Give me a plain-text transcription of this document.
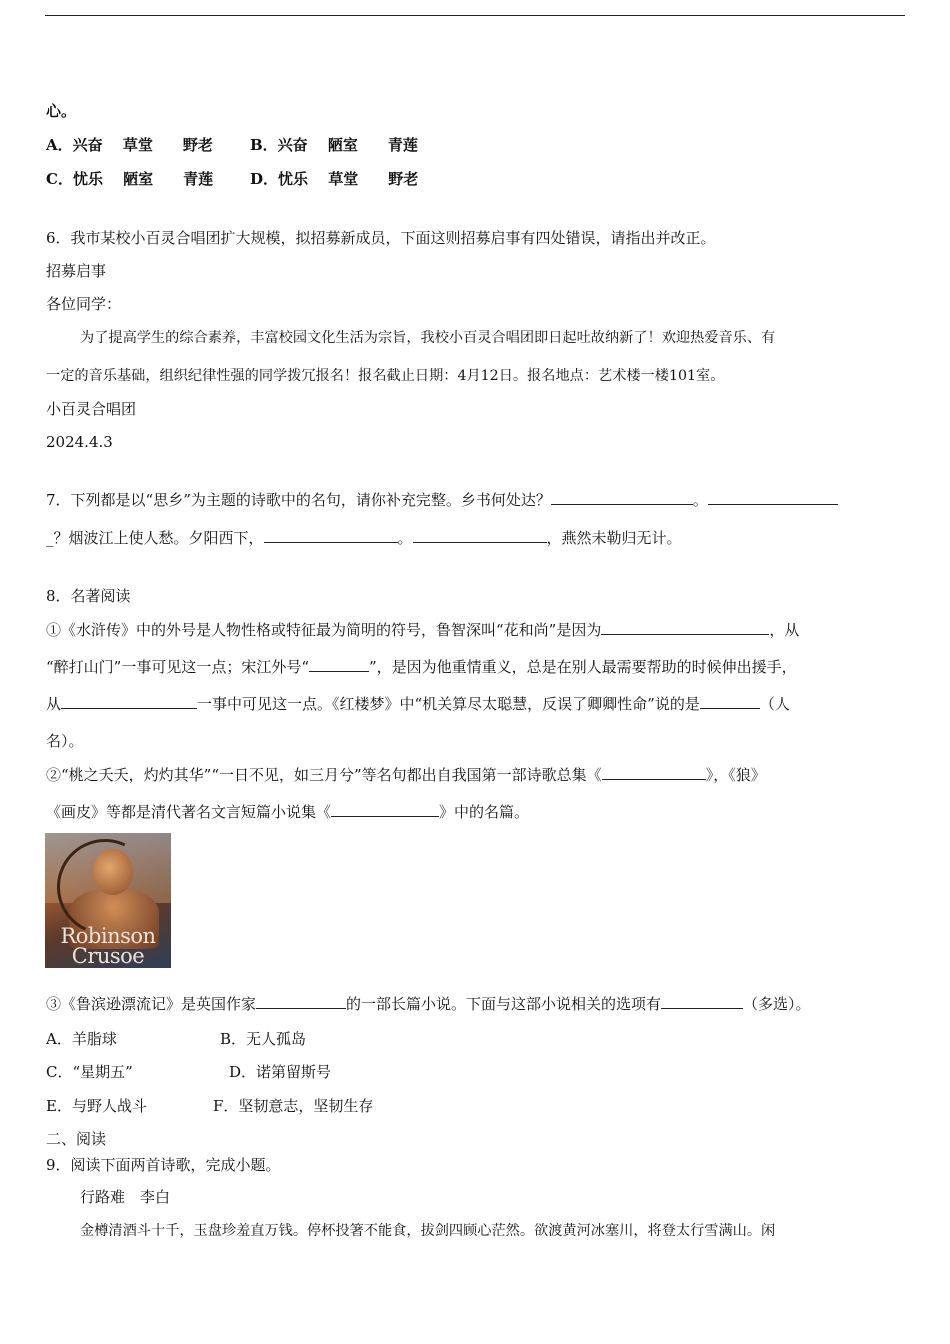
心。
A．兴奋　 草堂　　野老 B．兴奋　 陋室　　青莲
C．忧乐　 陋室　　青莲 D．忧乐　 草堂　　野老
6．我市某校小百灵合唱团扩大规模，拟招募新成员，下面这则招募启事有四处错误，请指出并改正。
招募启事
各位同学：
为了提高学生的综合素养，丰富校园文化生活为宗旨，我校小百灵合唱团即日起吐故纳新了！欢迎热爱音乐、有
一定的音乐基础，组织纪律性强的同学拨冗报名！报名截止日期：4月12日。报名地点：艺术楼一楼101室。
小百灵合唱团
2024.4.3
7．下列都是以“思乡”为主题的诗歌中的名句，请你补充完整。乡书何处达？	。
_？烟波江上使人愁。夕阳西下，	。	，燕然未勒归无计。
8．名著阅读
①《水浒传》中的外号是人物性格或特征最为简明的符号，鲁智深叫“花和尚”是因为	，从
“醉打山门”一事可见这一点；宋江外号“	”，是因为他重情重义，总是在别人最需要帮助的时候伸出援手，
从	一事中可见这一点。《红楼梦》中“机关算尽太聪慧，反误了卿卿性命”说的是	（人
名）。
②“桃之夭夭，灼灼其华”“一日不见，如三月兮”等名句都出自我国第一部诗歌总集《	》，《狼》
《画皮》等都是清代著名文言短篇小说集《	》中的名篇。
Robinson
Crusoe
③《鲁滨逊漂流记》是英国作家	的一部长篇小说。下面与这部小说相关的选项有	（多选）。
A．羊脂球	B．无人孤岛
C．“星期五”	D．诺第留斯号
E．与野人战斗	F．坚韧意志，坚韧生存
二、阅读
9．阅读下面两首诗歌，完成小题。
行路难　李白
金樽清酒斗十千，玉盘珍羞直万钱。停杯投箸不能食，拔剑四顾心茫然。欲渡黄河冰塞川，将登太行雪满山。闲
